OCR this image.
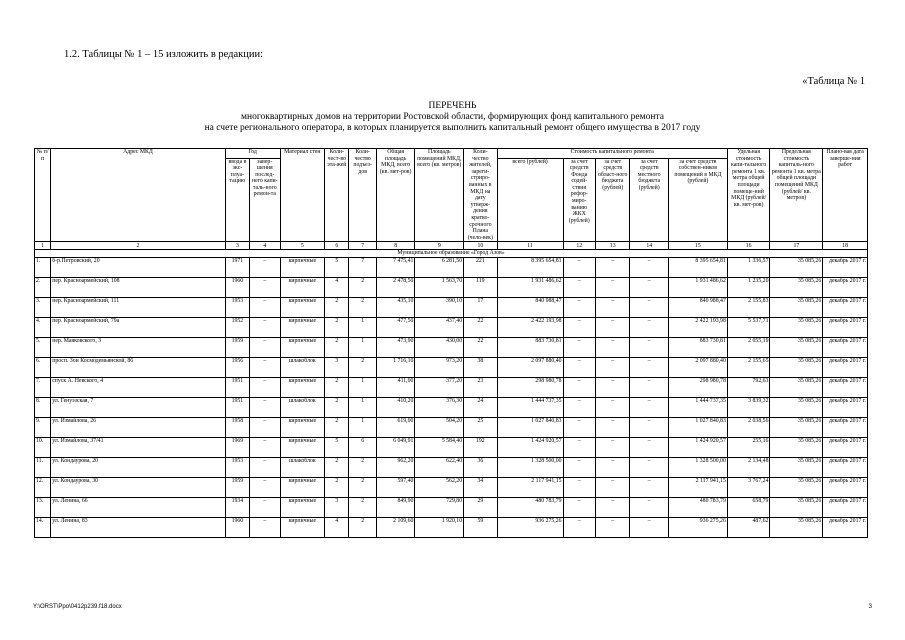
1.2. Таблицы № 1 – 15 изложить в редакции:
«Таблица № 1
ПЕРЕЧЕНЬ
многоквартирных домов на территории Ростовской области, формирующих фонд капитального ремонта
на счете регионального оператора, в которых планируется выполнить капитальный ремонт общего имущества в 2017 году
№ п/п	Адрес МКД	Год		Материал стен	Коли-чест-во эта-жей	Коли-чество подъез-дов	Общая площадь МКД, всего (кв. мет-ров)	Площадь помещений МКД, всего (кв. метров)	Коли-чество жителей, зареги-стриро-ванных в МКД на дату утверж-дения кратко-срочного Плана (чело-век)	Стоимость капитального ремонта					Удельная стоимость капи-тального ремонта 1 кв. метра общей площади помеще-ний МКД (рублей/ кв. мет-ров)	Предельная стоимость капиталь-ного ремонта 1 кв. метра общей площади помещений МКД (рублей/ кв. метров)	Плано-вая дата заверше-ния работ
		ввода в экс-плуа-тацию	завер-шения послед-него капи-таль-ного ремон-та							всего (рублей)	за счет средств Фонда содей-ствия рефор-миро-ванию ЖКХ (рублей)	за счет средств област-ного бюджета (рублей)	за счет средств местного бюджета (рублей)	за счет средств собствен-ников помещений в МКД (рублей)			
1	2	3	4	5	6	7	8	9	10	11	12	13	14	15	16	17	18
Муниципальное образование «Город Азов»																	
1.	б-р.Петровский, 20	1971	–	кирпичные	5	7	7 475,41	6 281,50	221	8 395 654,81	–	–	–	8 395 654,81	1 336,57	35 085,26	декабрь 2017 г.
2.	пер. Красноармейский, 108	1960	–	кирпичные	4	2	2 478,50	1 563,70	119	1 931 486,62	–	–	–	1 931 486,62	1 235,20	35 085,26	декабрь 2017 г.
3.	пер. Красноармейский, 111	1953	–	кирпичные	2	2	435,10	390,10	17	840 988,47	–	–	–	840 988,47	2 155,83	35 085,26	декабрь 2017 г.
4.	пер. Красноармейский, 79а	1952	–	кирпичные	2	1	477,50	437,40	22	2 422 193,98	–	–	–	2 422 193,98	5 537,71	35 085,26	декабрь 2017 г.
5.	пер. Маяковского, 3	1959	–	кирпичные	2	1	473,90	430,00	22	883 730,81	–	–	–	883 730,81	2 055,19	35 085,26	декабрь 2017 г.
6.	просп. Зои Космодемьянской, 86	1956	–	шлакоблок	3	2	1 716,10	973,20	38	2 097 880,40	–	–	–	2 097 880,40	2 155,65	35 085,26	декабрь 2017 г.
7.	спуск А. Невского, 4	1951	–	кирпичные	2	1	411,00	377,20	23	298 980,78	–	–	–	298 980,78	792,63	35 085,26	декабрь 2017 г.
8.	ул. Генуэзская, 7	1951	–	шлакоблок	2	1	410,20	376,30	24	1 444 737,35	–	–	–	1 444 737,35	3 839,32	35 085,26	декабрь 2017 г.
9.	ул. Измайлова, 26	1958	–	кирпичные	2	1	619,00	504,20	25	1 027 840,83	–	–	–	1 027 840,83	2 038,56	35 085,26	декабрь 2017 г.
10.	ул. Измайлова, 37/41	1969	–	кирпичные	5	6	6 049,91	5 584,40	192	1 424 920,57	–	–	–	1 424 920,57	255,16	35 085,26	декабрь 2017 г.
11.	ул. Кондаурова, 20	1953	–	шлакоблок	2	2	962,20	622,40	36	1 328 500,00	–	–	–	1 328 500,00	2 134,48	35 085,26	декабрь 2017 г.
12.	ул. Кондаурова, 30	1959	–	кирпичные	2	2	597,40	562,20	34	2 117 941,15	–	–	–	2 117 941,15	3 767,24	35 085,26	декабрь 2017 г.
13.	ул. Ленина, 66	1934	–	кирпичные	3	2	849,90	729,80	29	480 783,79	–	–	–	480 783,79	658,79	35 085,26	декабрь 2017 г.
14.	ул. Ленина, 83	1960	–	кирпичные	4	2	2 109,60	1 920,10	59	936 275,26	–	–	–	936 275,26	487,62	35 085,26	декабрь 2017 г.
Y:\ORST\Ppo\0412p239.f18.docx	3
